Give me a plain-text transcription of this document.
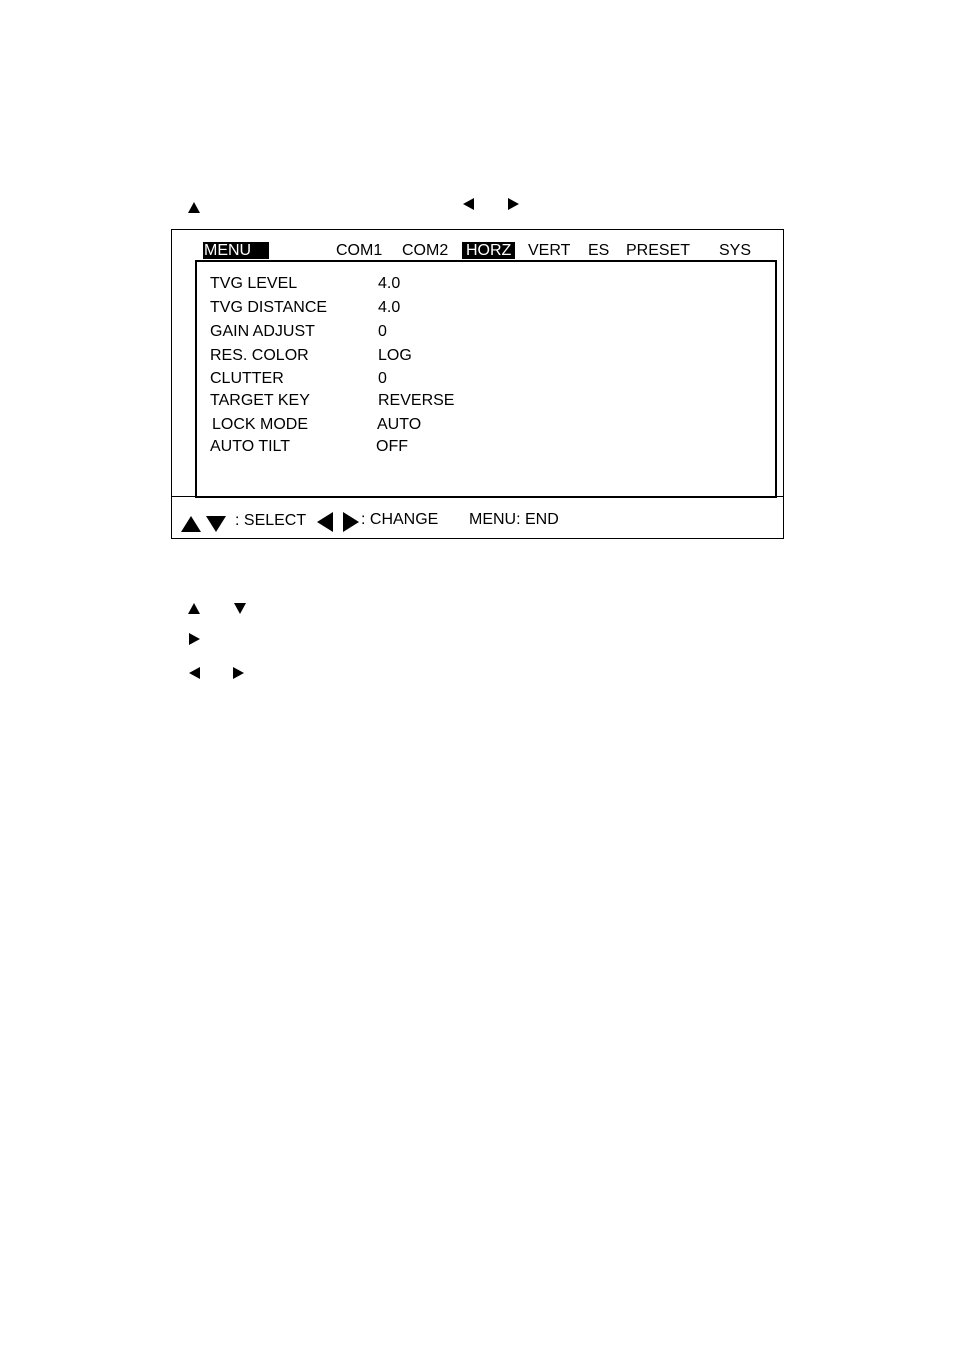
MENU	COM1 COM2 HORZ VERT ES PRESET SYS
TVG LEVEL	4.0
TVG DISTANCE	4.0
GAIN ADJUST	0
RES. COLOR	LOG
CLUTTER	0
TARGET KEY	REVERSE
LOCK MODE	AUTO
AUTO TILT	OFF
: SELECT	: CHANGE MENU: END
